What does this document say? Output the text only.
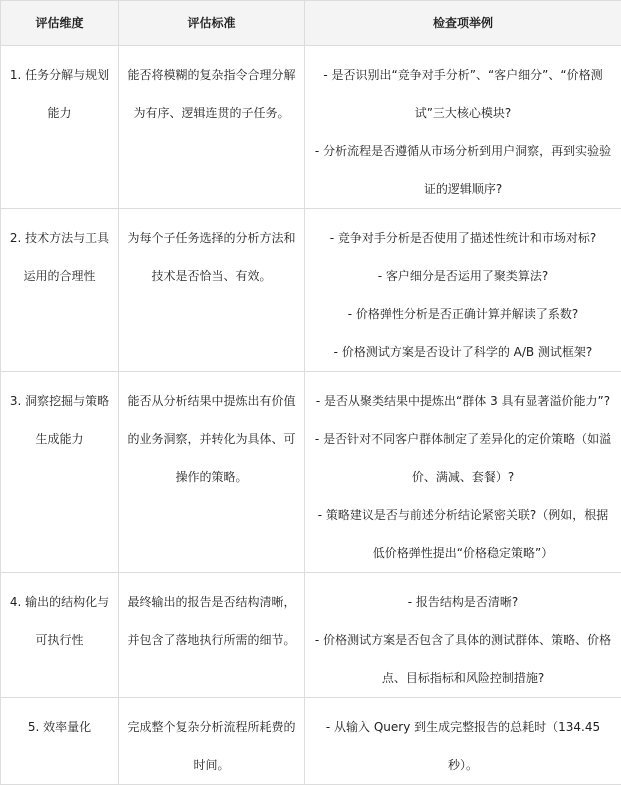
评估维度	评估标准	检查项举例
1. 任务分解与规划能力	能否将模糊的复杂指令合理分解为有序、逻辑连贯的子任务。	- 是否识别出“竞争对手分析”、“客户细分”、“价格测试”三大核心模块?
- 分析流程是否遵循从市场分析到用户洞察，再到实验验证的逻辑顺序?

2. 技术方法与工具运用的合理性	为每个子任务选择的分析方法和技术是否恰当、有效。	- 竞争对手分析是否使用了描述性统计和市场对标?
- 客户细分是否运用了聚类算法?
- 价格弹性分析是否正确计算并解读了系数?
- 价格测试方案是否设计了科学的 A/B 测试框架?

3. 洞察挖掘与策略生成能力	能否从分析结果中提炼出有价值的业务洞察，并转化为具体、可操作的策略。	- 是否从聚类结果中提炼出“群体 3 具有显著溢价能力”?
- 是否针对不同客户群体制定了差异化的定价策略（如溢价、满减、套餐）?
- 策略建议是否与前述分析结论紧密关联?（例如，根据低价格弹性提出“价格稳定策略”）

4. 输出的结构化与可执行性	最终输出的报告是否结构清晰，并包含了落地执行所需的细节。	- 报告结构是否清晰?
- 价格测试方案是否包含了具体的测试群体、策略、价格点、目标指标和风险控制措施?

5. 效率量化	完成整个复杂分析流程所耗费的时间。	- 从输入 Query 到生成完整报告的总耗时（134.45 秒）。
